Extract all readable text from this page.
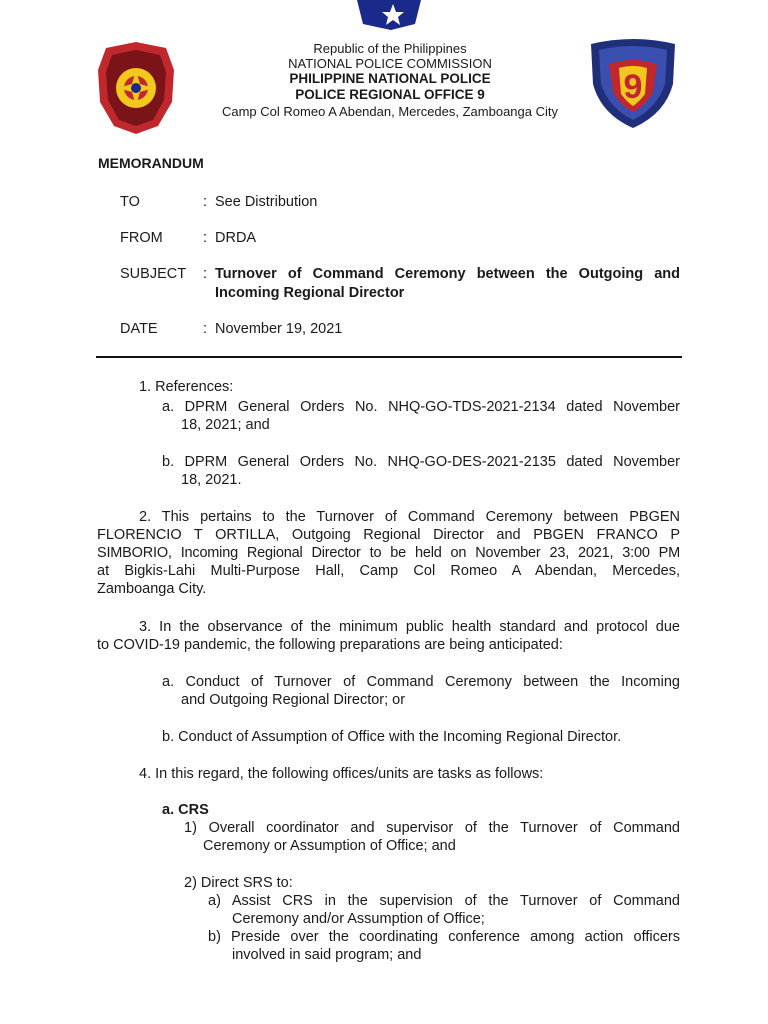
9
Republic of the Philippines
NATIONAL POLICE COMMISSION
PHILIPPINE NATIONAL POLICE
POLICE REGIONAL OFFICE 9
Camp Col Romeo A Abendan, Mercedes, Zamboanga City
MEMORANDUM
TO	: See Distribution
FROM	: DRDA
SUBJECT : Turnover of Command Ceremony between the Outgoing and
Incoming Regional Director
DATE	: November 19, 2021
1. References:
a. DPRM General Orders No. NHQ-GO-TDS-2021-2134 dated November
18, 2021; and
b. DPRM General Orders No. NHQ-GO-DES-2021-2135 dated November
18, 2021.
2. This pertains to the Turnover of Command Ceremony between PBGEN
FLORENCIO T ORTILLA, Outgoing Regional Director and PBGEN FRANCO P
SIMBORIO, Incoming Regional Director to be held on November 23, 2021, 3:00 PM
at Bigkis-Lahi Multi-Purpose Hall, Camp Col Romeo A Abendan, Mercedes,
Zamboanga City.
3. In the observance of the minimum public health standard and protocol due
to COVID-19 pandemic, the following preparations are being anticipated:
a. Conduct of Turnover of Command Ceremony between the Incoming
and Outgoing Regional Director; or
b. Conduct of Assumption of Office with the Incoming Regional Director.
4. In this regard, the following offices/units are tasks as follows:
a. CRS
1) Overall coordinator and supervisor of the Turnover of Command
Ceremony or Assumption of Office; and
2) Direct SRS to:
a) Assist CRS in the supervision of the Turnover of Command
Ceremony and/or Assumption of Office;
b) Preside over the coordinating conference among action officers
involved in said program; and
